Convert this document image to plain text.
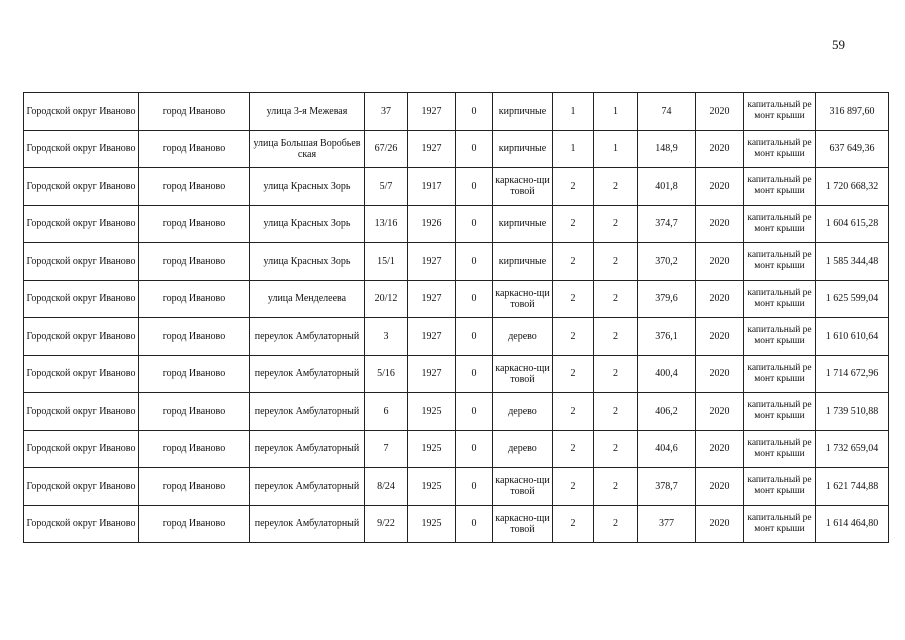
59
Городской округ Иваново	город Иваново	улица 3-я Межевая	37	1927	0	кирпичные	1	1	74	2020	капитальный ремонт крыши	316 897,60
Городской округ Иваново	город Иваново	улица Большая Воробьевская	67/26	1927	0	кирпичные	1	1	148,9	2020	капитальный ремонт крыши	637 649,36
Городской округ Иваново	город Иваново	улица Красных Зорь	5/7	1917	0	каркасно-щитовой	2	2	401,8	2020	капитальный ремонт крыши	1 720 668,32
Городской округ Иваново	город Иваново	улица Красных Зорь	13/16	1926	0	кирпичные	2	2	374,7	2020	капитальный ремонт крыши	1 604 615,28
Городской округ Иваново	город Иваново	улица Красных Зорь	15/1	1927	0	кирпичные	2	2	370,2	2020	капитальный ремонт крыши	1 585 344,48
Городской округ Иваново	город Иваново	улица Менделеева	20/12	1927	0	каркасно-щитовой	2	2	379,6	2020	капитальный ремонт крыши	1 625 599,04
Городской округ Иваново	город Иваново	переулок Амбулаторный	3	1927	0	дерево	2	2	376,1	2020	капитальный ремонт крыши	1 610 610,64
Городской округ Иваново	город Иваново	переулок Амбулаторный	5/16	1927	0	каркасно-щитовой	2	2	400,4	2020	капитальный ремонт крыши	1 714 672,96
Городской округ Иваново	город Иваново	переулок Амбулаторный	6	1925	0	дерево	2	2	406,2	2020	капитальный ремонт крыши	1 739 510,88
Городской округ Иваново	город Иваново	переулок Амбулаторный	7	1925	0	дерево	2	2	404,6	2020	капитальный ремонт крыши	1 732 659,04
Городской округ Иваново	город Иваново	переулок Амбулаторный	8/24	1925	0	каркасно-щитовой	2	2	378,7	2020	капитальный ремонт крыши	1 621 744,88
Городской округ Иваново	город Иваново	переулок Амбулаторный	9/22	1925	0	каркасно-щитовой	2	2	377	2020	капитальный ремонт крыши	1 614 464,80
